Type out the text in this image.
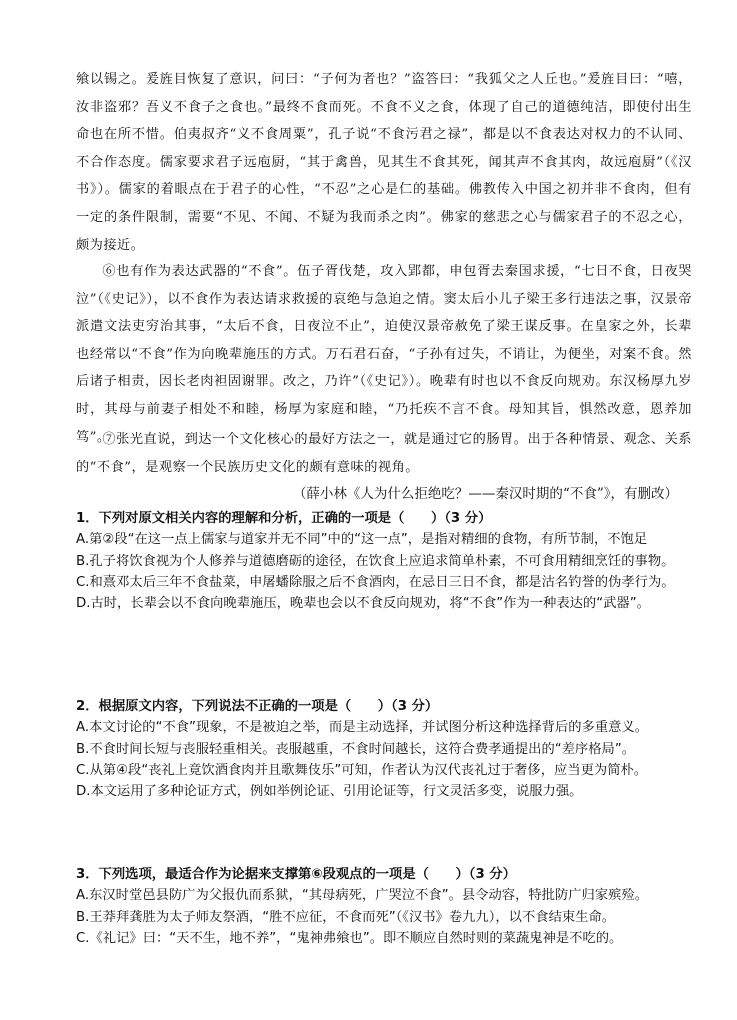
飨以锡之。爰旌目恢复了意识，问曰：“子何为者也？”盗答曰：“我狐父之人丘也。”爰旌目曰：“嘻，汝非盗邪？吾义不食子之食也。”最终不食而死。不食不义之食，体现了自己的道德纯洁，即使付出生命也在所不惜。伯夷叔齐“义不食周粟”，孔子说“不食污君之禄”，都是以不食表达对权力的不认同、不合作态度。儒家要求君子远庖厨，“其于禽兽，见其生不食其死，闻其声不食其肉，故远庖厨”（《汉书》）。儒家的着眼点在于君子的心性，“不忍”之心是仁的基础。佛教传入中国之初并非不食肉，但有一定的条件限制，需要“不见、不闻、不疑为我而杀之肉”。佛家的慈悲之心与儒家君子的不忍之心，颇为接近。
⑥也有作为表达武器的“不食”。伍子胥伐楚，攻入郢都，申包胥去秦国求援，“七日不食，日夜哭泣”（《史记》），以不食作为表达请求救援的哀绝与急迫之情。窦太后小儿子梁王多行违法之事，汉景帝派遣文法吏穷治其事，“太后不食，日夜泣不止”，迫使汉景帝赦免了梁王谋反事。在皇家之外，长辈也经常以“不食”作为向晚辈施压的方式。万石君石奋，“子孙有过失，不诮让，为便坐，对案不食。然后诸子相责，因长老肉袒固谢罪。改之，乃许”（《史记》）。晚辈有时也以不食反向规劝。东汉杨厚九岁时，其母与前妻子相处不和睦，杨厚为家庭和睦，“乃托疾不言不食。母知其旨，惧然改意，恩养加笃”。
⑦张光直说，到达一个文化核心的最好方法之一，就是通过它的肠胃。出于各种情景、观念、关系的“不食”，是观察一个民族历史文化的颇有意味的视角。
（薛小林《人为什么拒绝吃？——秦汉时期的“不食”》，有删改）
1．下列对原文相关内容的理解和分析，正确的一项是（　　）（3 分）
A.第②段“在这一点上儒家与道家并无不同”中的“这一点”，是指对精细的食物，有所节制，不饱足
B.孔子将饮食视为个人修养与道德磨砺的途径，在饮食上应追求简单朴素，不可食用精细烹饪的事物。
C.和熹邓太后三年不食盐菜，申屠蟠除服之后不食酒肉，在忌日三日不食，都是沽名钓誉的伪孝行为。
D.古时，长辈会以不食向晚辈施压，晚辈也会以不食反向规劝，将“不食”作为一种表达的“武器”。
2．根据原文内容，下列说法不正确的一项是（　　）（3 分）
A.本文讨论的“不食”现象，不是被迫之举，而是主动选择，并试图分析这种选择背后的多重意义。
B.不食时间长短与丧服轻重相关。丧服越重，不食时间越长，这符合费孝通提出的“差序格局”。
C.从第④段“丧礼上竟饮酒食肉并且歌舞伎乐”可知，作者认为汉代丧礼过于奢侈，应当更为简朴。
D.本文运用了多种论证方式，例如举例论证、引用论证等，行文灵活多变，说服力强。
3．下列选项，最适合作为论据来支撑第⑥段观点的一项是（　　）（3 分）
A.东汉时堂邑县防广为父报仇而系狱，“其母病死，广哭泣不食”。县令动容，特批防广归家殡殓。
B.王莽拜龚胜为太子师友祭酒，“胜不应征，不食而死”（《汉书》卷九九），以不食结束生命。
C.《礼记》曰：“天不生，地不养”，“鬼神弗飨也”。即不顺应自然时则的菜蔬鬼神是不吃的。
